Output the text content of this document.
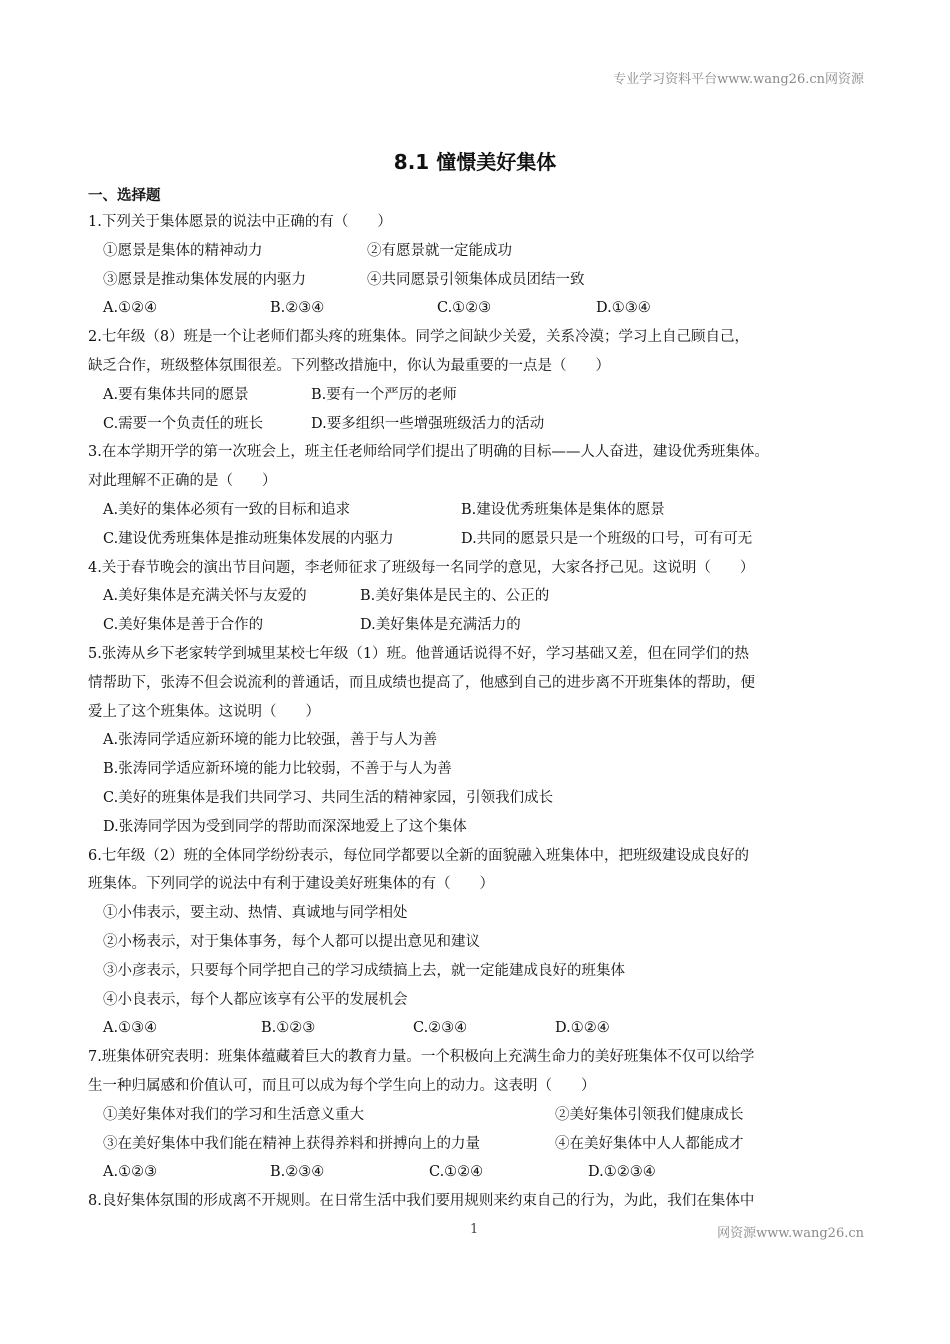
专业学习资料平台www.wang26.cn网资源
8.1 憧憬美好集体
一、选择题
1.下列关于集体愿景的说法中正确的有（　　）
①愿景是集体的精神动力	②有愿景就一定能成功
③愿景是推动集体发展的内驱力	④共同愿景引领集体成员团结一致
A.①②④	B.②③④	C.①②③	D.①③④
2.七年级（8）班是一个让老师们都头疼的班集体。同学之间缺少关爱，关系冷漠；学习上自己顾自己，
缺乏合作，班级整体氛围很差。下列整改措施中，你认为最重要的一点是（　　）
A.要有集体共同的愿景	B.要有一个严厉的老师
C.需要一个负责任的班长	D.要多组织一些增强班级活力的活动
3.在本学期开学的第一次班会上，班主任老师给同学们提出了明确的目标——人人奋进，建设优秀班集体。
对此理解不正确的是（　　）
A.美好的集体必须有一致的目标和追求	B.建设优秀班集体是集体的愿景
C.建设优秀班集体是推动班集体发展的内驱力	D.共同的愿景只是一个班级的口号，可有可无
4.关于春节晚会的演出节目问题，李老师征求了班级每一名同学的意见，大家各抒己见。这说明（　　）
A.美好集体是充满关怀与友爱的	B.美好集体是民主的、公正的
C.美好集体是善于合作的	D.美好集体是充满活力的
5.张涛从乡下老家转学到城里某校七年级（1）班。他普通话说得不好，学习基础又差，但在同学们的热
情帮助下，张涛不但会说流利的普通话，而且成绩也提高了，他感到自己的进步离不开班集体的帮助，便
爱上了这个班集体。这说明（　　）
A.张涛同学适应新环境的能力比较强，善于与人为善
B.张涛同学适应新环境的能力比较弱，不善于与人为善
C.美好的班集体是我们共同学习、共同生活的精神家园，引领我们成长
D.张涛同学因为受到同学的帮助而深深地爱上了这个集体
6.七年级（2）班的全体同学纷纷表示，每位同学都要以全新的面貌融入班集体中，把班级建设成良好的
班集体。下列同学的说法中有利于建设美好班集体的有（　　）
①小伟表示，要主动、热情、真诚地与同学相处
②小杨表示，对于集体事务，每个人都可以提出意见和建议
③小彦表示，只要每个同学把自己的学习成绩搞上去，就一定能建成良好的班集体
④小良表示，每个人都应该享有公平的发展机会
A.①③④	B.①②③	C.②③④	D.①②④
7.班集体研究表明：班集体蕴藏着巨大的教育力量。一个积极向上充满生命力的美好班集体不仅可以给学
生一种归属感和价值认可，而且可以成为每个学生向上的动力。这表明（　　）
①美好集体对我们的学习和生活意义重大	②美好集体引领我们健康成长
③在美好集体中我们能在精神上获得养料和拼搏向上的力量	④在美好集体中人人都能成才
A.①②③	B.②③④	C.①②④	D.①②③④
8.良好集体氛围的形成离不开规则。在日常生活中我们要用规则来约束自己的行为，为此，我们在集体中
1	网资源www.wang26.cn
